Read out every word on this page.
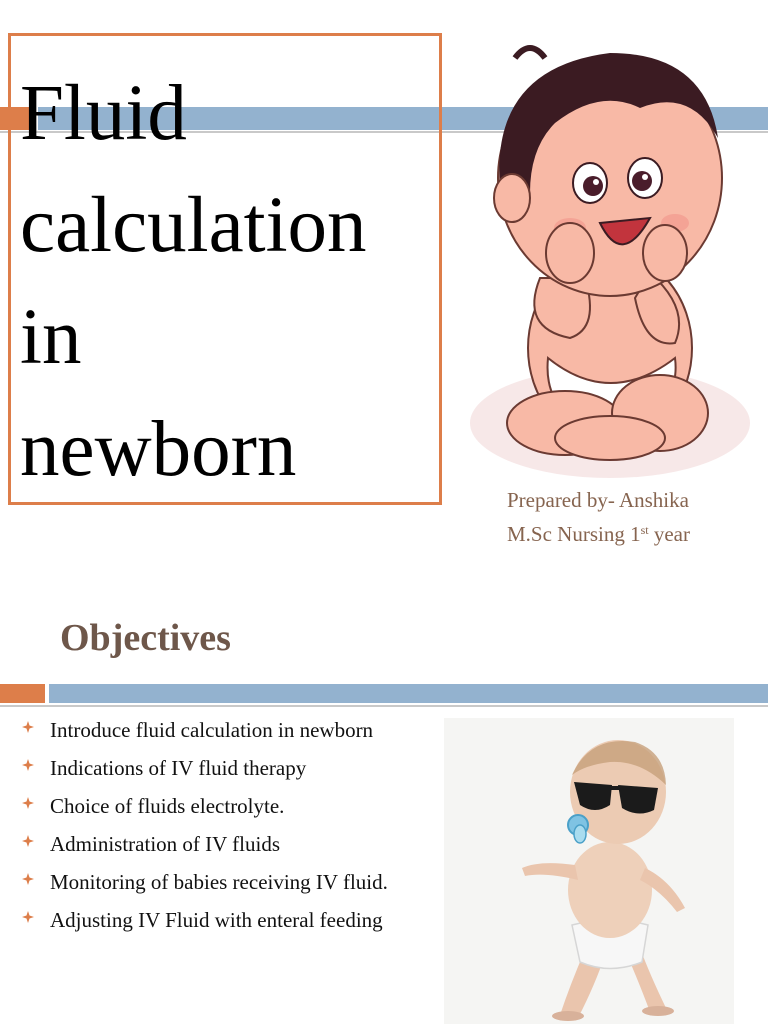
Fluid
calculation
in
newborn
Prepared by- Anshika
M.Sc Nursing 1st year
Objectives
Introduce fluid calculation in newborn
Indications of IV fluid therapy
Choice of fluids electrolyte.
Administration of IV fluids
Monitoring of babies receiving IV fluid.
Adjusting IV Fluid with enteral feeding
